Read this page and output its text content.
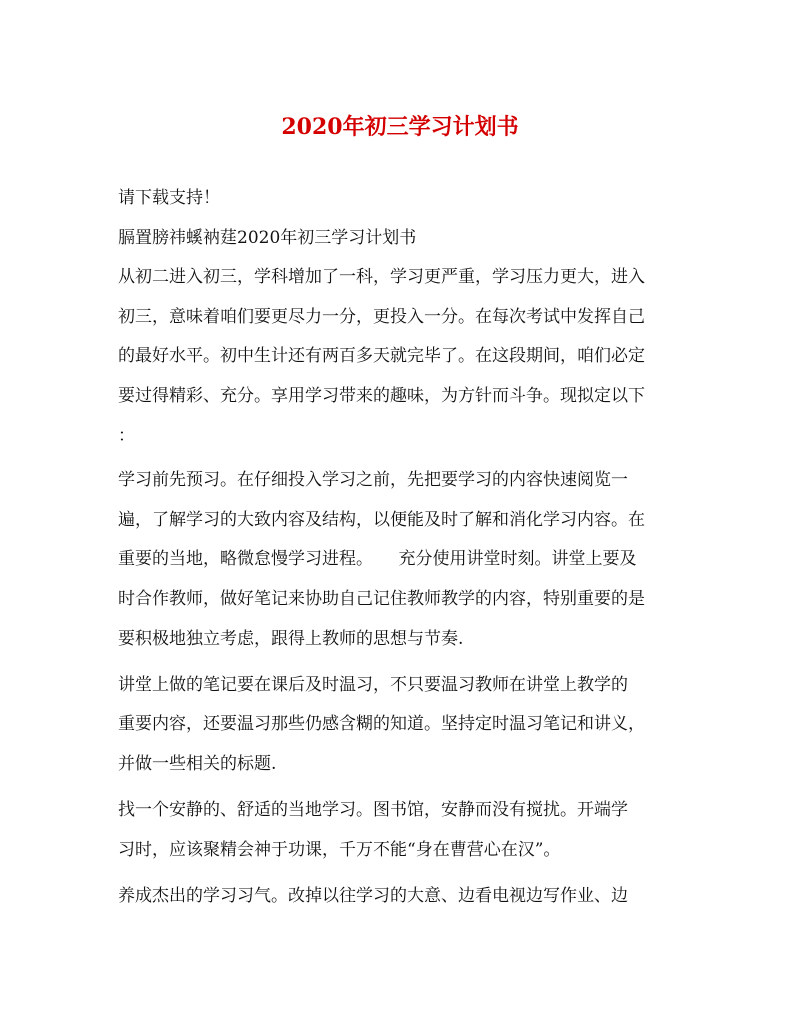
2020年初三学习计划书
请下载支持！
膈置膀祎螇衲莛2020年初三学习计划书
从初二进入初三，学科增加了一科，学习更严重，学习压力更大，进入
初三，意味着咱们要更尽力一分，更投入一分。在每次考试中发挥自己
的最好水平。初中生计还有两百多天就完毕了。在这段期间，咱们必定
要过得精彩、充分。享用学习带来的趣味，为方针而斗争。现拟定以下
：
学习前先预习。在仔细投入学习之前，先把要学习的内容快速阅览一
遍，了解学习的大致内容及结构，以便能及时了解和消化学习内容。在
重要的当地，略微怠慢学习进程。　　充分使用讲堂时刻。讲堂上要及
时合作教师，做好笔记来协助自己记住教师教学的内容，特别重要的是
要积极地独立考虑，跟得上教师的思想与节奏.
讲堂上做的笔记要在课后及时温习，不只要温习教师在讲堂上教学的
重要内容，还要温习那些仍感含糊的知道。坚持定时温习笔记和讲义，
并做一些相关的标题.
找一个安静的、舒适的当地学习。图书馆，安静而没有搅扰。开端学
习时，应该聚精会神于功课，千万不能“身在曹营心在汉”。
养成杰出的学习习气。改掉以往学习的大意、边看电视边写作业、边
